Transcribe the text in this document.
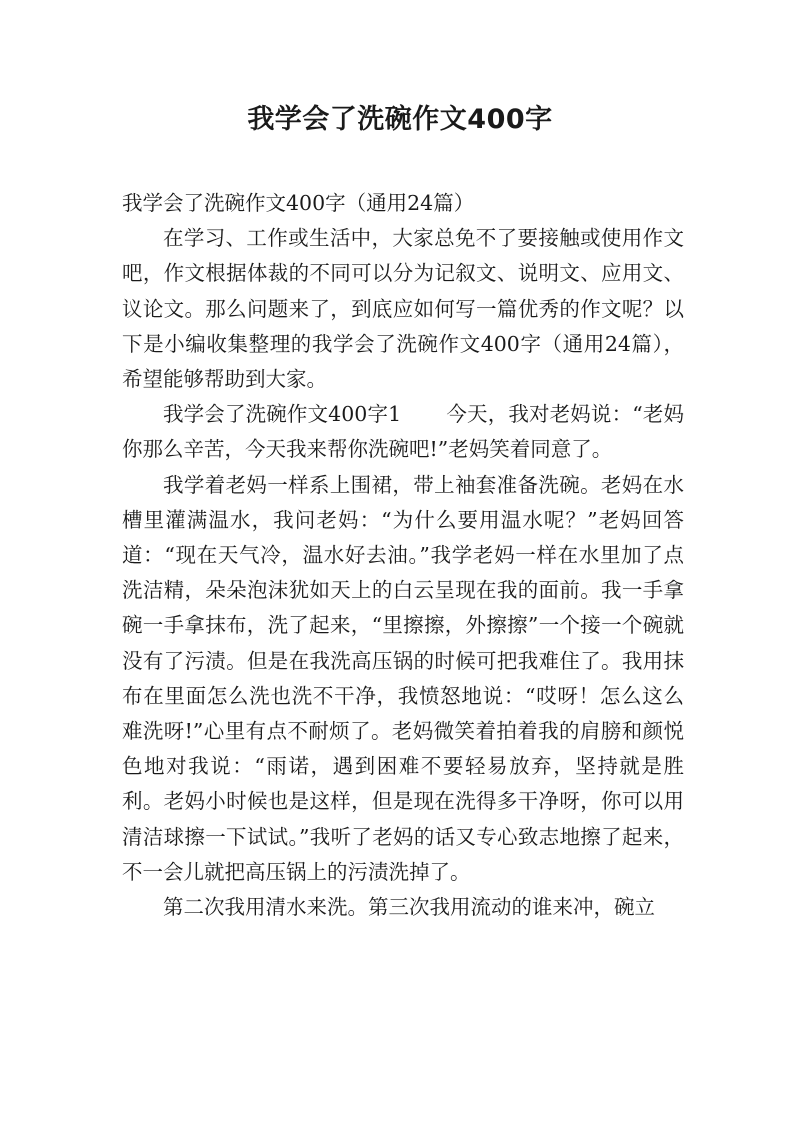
我学会了洗碗作文400字

我学会了洗碗作文400字（通用24篇）

在学习、工作或生活中，大家总免不了要接触或使用作文吧，作文根据体裁的不同可以分为记叙文、说明文、应用文、议论文。那么问题来了，到底应如何写一篇优秀的作文呢？以下是小编收集整理的我学会了洗碗作文400字（通用24篇），希望能够帮助到大家。

我学会了洗碗作文400字1 今天，我对老妈说：“老妈你那么辛苦，今天我来帮你洗碗吧!”老妈笑着同意了。

我学着老妈一样系上围裙，带上袖套准备洗碗。老妈在水槽里灌满温水，我问老妈：“为什么要用温水呢？”老妈回答道：“现在天气冷，温水好去油。”我学老妈一样在水里加了点洗洁精，朵朵泡沫犹如天上的白云呈现在我的面前。我一手拿碗一手拿抹布，洗了起来，“里擦擦，外擦擦”一个接一个碗就没有了污渍。但是在我洗高压锅的时候可把我难住了。我用抹布在里面怎么洗也洗不干净，我愤怒地说：“哎呀！怎么这么难洗呀!”心里有点不耐烦了。老妈微笑着拍着我的肩膀和颜悦色地对我说：“雨诺，遇到困难不要轻易放弃，坚持就是胜利。老妈小时候也是这样，但是现在洗得多干净呀，你可以用清洁球擦一下试试。”我听了老妈的话又专心致志地擦了起来，不一会儿就把高压锅上的污渍洗掉了。

第二次我用清水来洗。第三次我用流动的谁来冲，碗立
